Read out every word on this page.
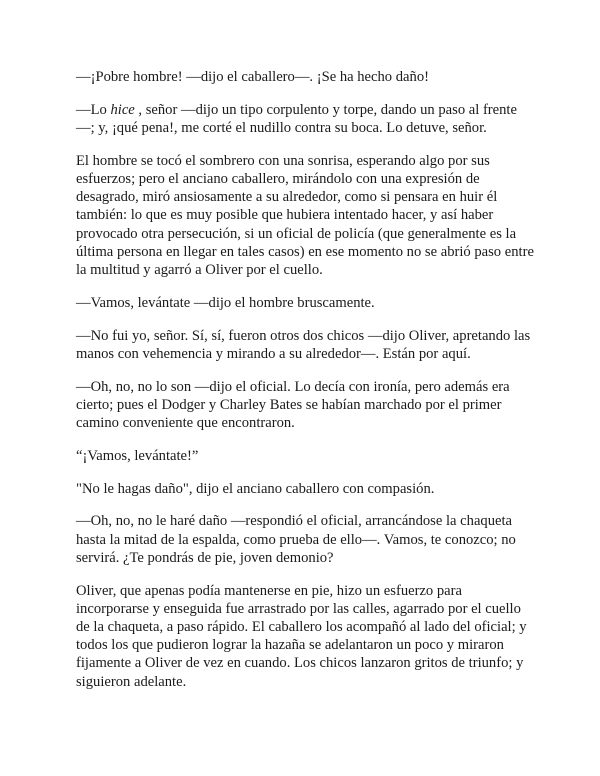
—¡Pobre hombre! —dijo el caballero—. ¡Se ha hecho daño!

—Lo hice , señor —dijo un tipo corpulento y torpe, dando un paso al frente —; y, ¡qué pena!, me corté el nudillo contra su boca. Lo detuve, señor.

El hombre se tocó el sombrero con una sonrisa, esperando algo por sus esfuerzos; pero el anciano caballero, mirándolo con una expresión de desagrado, miró ansiosamente a su alrededor, como si pensara en huir él también: lo que es muy posible que hubiera intentado hacer, y así haber provocado otra persecución, si un oficial de policía (que generalmente es la última persona en llegar en tales casos) en ese momento no se abrió paso entre la multitud y agarró a Oliver por el cuello.

—Vamos, levántate —dijo el hombre bruscamente.

—No fui yo, señor. Sí, sí, fueron otros dos chicos —dijo Oliver, apretando las manos con vehemencia y mirando a su alrededor—. Están por aquí.

—Oh, no, no lo son —dijo el oficial. Lo decía con ironía, pero además era cierto; pues el Dodger y Charley Bates se habían marchado por el primer camino conveniente que encontraron.

“¡Vamos, levántate!”

"No le hagas daño", dijo el anciano caballero con compasión.

—Oh, no, no le haré daño —respondió el oficial, arrancándose la chaqueta hasta la mitad de la espalda, como prueba de ello—. Vamos, te conozco; no servirá. ¿Te pondrás de pie, joven demonio?

Oliver, que apenas podía mantenerse en pie, hizo un esfuerzo para incorporarse y enseguida fue arrastrado por las calles, agarrado por el cuello de la chaqueta, a paso rápido. El caballero los acompañó al lado del oficial; y todos los que pudieron lograr la hazaña se adelantaron un poco y miraron fijamente a Oliver de vez en cuando. Los chicos lanzaron gritos de triunfo; y siguieron adelante.
